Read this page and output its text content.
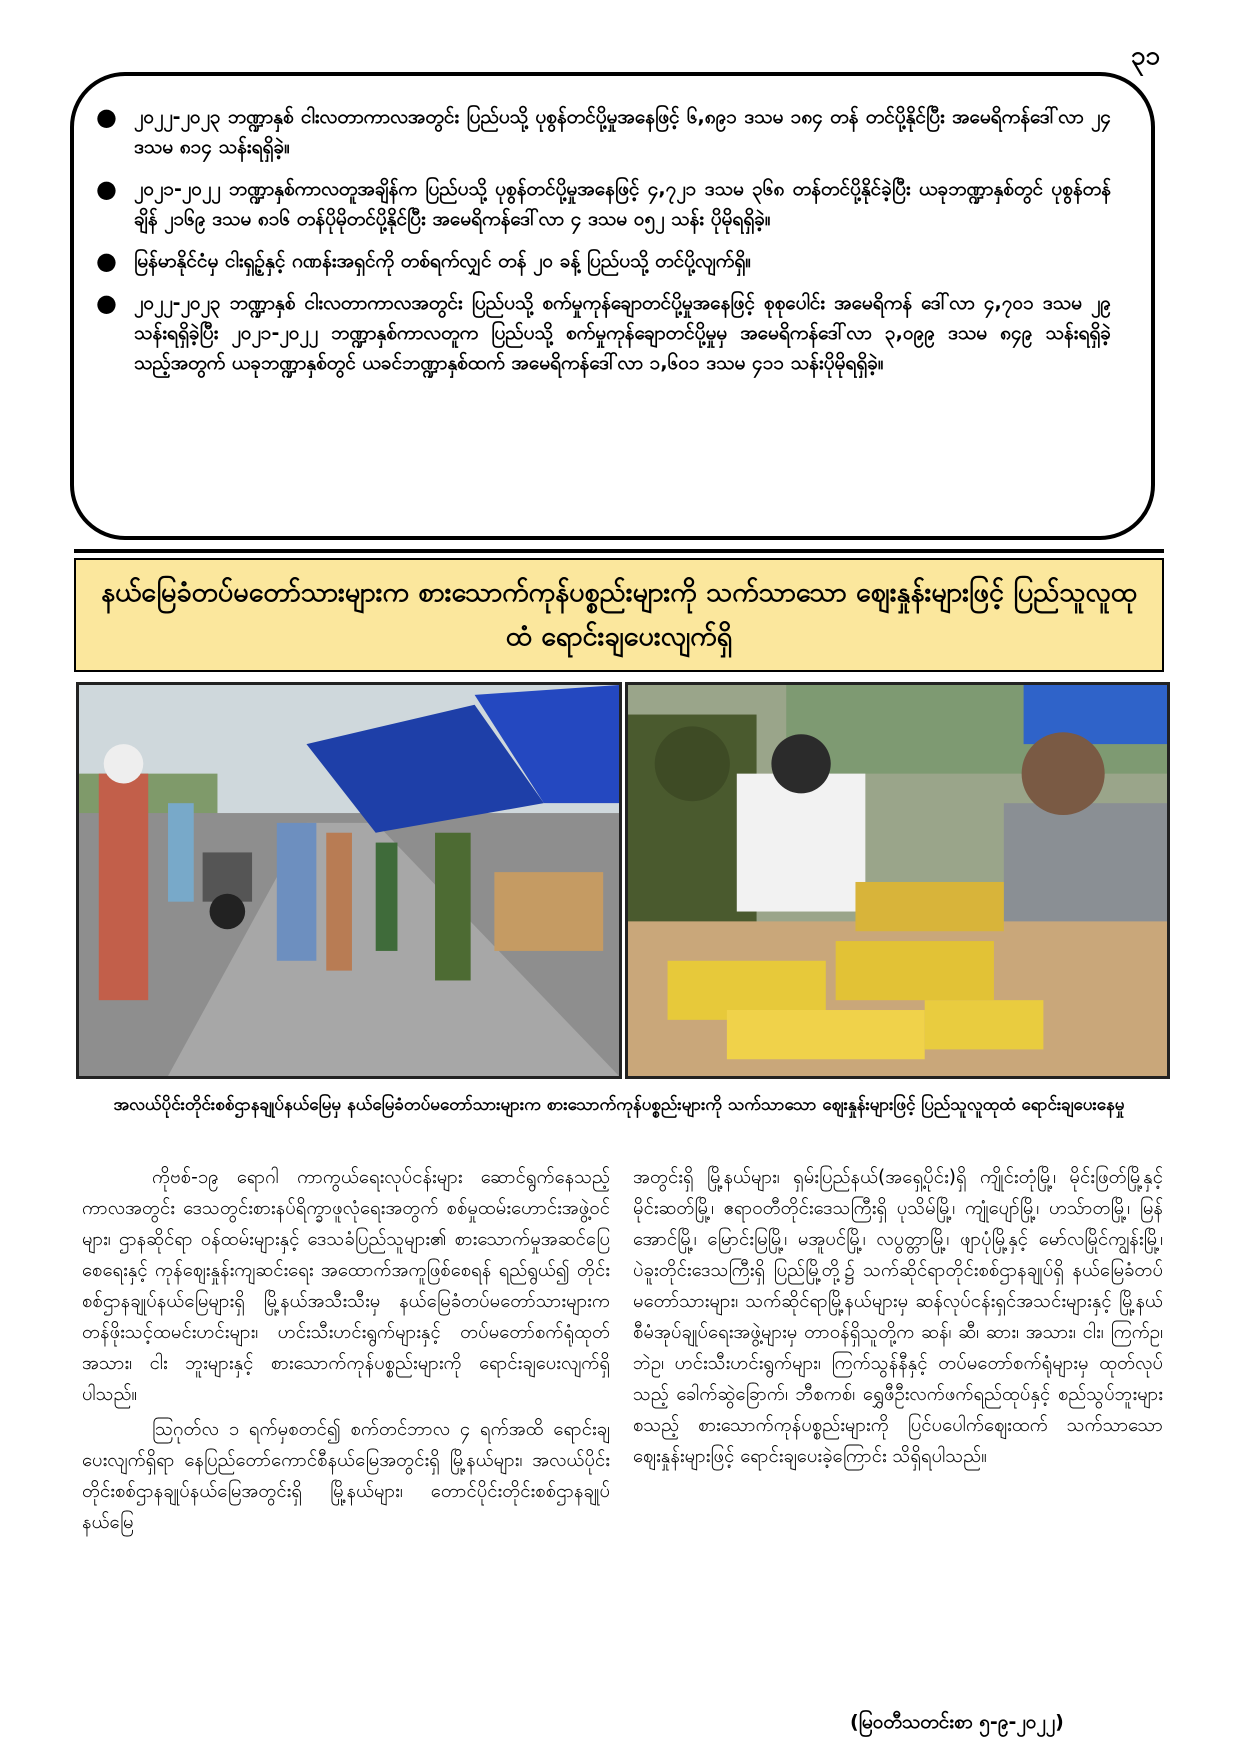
၃၁
● ၂၀၂၂-၂၀၂၃ ဘဏ္ဍာနှစ် ငါးလတာကာလအတွင်း ပြည်ပသို့ ပုစွန်တင်ပို့မှုအနေဖြင့် ၆,၈၉၁ ဒသမ ၁၈၄ တန် တင်ပို့နိုင်ပြီး အမေရိကန်ဒေါ်လာ ၂၄ ဒသမ ၈၁၄ သန်းရရှိခဲ့။
● ၂၀၂၁-၂၀၂၂ ဘဏ္ဍာနှစ်ကာလတူအချိန်က ပြည်ပသို့ ပုစွန်တင်ပို့မှုအနေဖြင့် ၄,၇၂၁ ဒသမ ၃၆၈ တန်တင်ပို့နိုင်ခဲ့ပြီး ယခုဘဏ္ဍာနှစ်တွင် ပုစွန်တန်ချိန် ၂၁၆၉ ဒသမ ၈၁၆ တန်ပိုမိုတင်ပို့နိုင်ပြီး အမေရိကန်ဒေါ်လာ ၄ ဒသမ ၀၅၂ သန်း ပိုမိုရရှိခဲ့။
● မြန်မာနိုင်ငံမှ ငါးရှဉ့်နှင့် ဂဏန်းအရှင်ကို တစ်ရက်လျှင် တန် ၂၀ ခန့် ပြည်ပသို့ တင်ပို့လျက်ရှိ။
● ၂၀၂၂-၂၀၂၃ ဘဏ္ဍာနှစ် ငါးလတာကာလအတွင်း ပြည်ပသို့ စက်မှုကုန်ချောတင်ပို့မှုအနေဖြင့် စုစုပေါင်း အမေရိကန် ဒေါ်လာ ၄,၇၀၁ ဒသမ ၂၉ သန်းရရှိခဲ့ပြီး ၂၀၂၁-၂၀၂၂ ဘဏ္ဍာနှစ်ကာလတူက ပြည်ပသို့ စက်မှုကုန်ချောတင်ပို့မှုမှ အမေရိကန်ဒေါ်လာ ၃,၀၉၉ ဒသမ ၈၄၉ သန်းရရှိခဲ့သည့်အတွက် ယခုဘဏ္ဍာနှစ်တွင် ယခင်ဘဏ္ဍာနှစ်ထက် အမေရိကန်ဒေါ်လာ ၁,၆၀၁ ဒသမ ၄၁၁ သန်းပိုမိုရရှိခဲ့။
နယ်မြေခံတပ်မတော်သားများက စားသောက်ကုန်ပစ္စည်းများကို သက်သာသော ဈေးနှုန်းများဖြင့် ပြည်သူလူထုထံ ရောင်းချပေးလျက်ရှိ
အလယ်ပိုင်းတိုင်းစစ်ဌာနချုပ်နယ်မြေမှ နယ်မြေခံတပ်မတော်သားများက စားသောက်ကုန်ပစ္စည်းများကို သက်သာသော ဈေးနှုန်းများဖြင့် ပြည်သူလူထုထံ ရောင်းချပေးနေမှု

ကိုဗစ်-၁၉ ရောဂါ ကာကွယ်ရေးလုပ်ငန်းများ ဆောင်ရွက်နေသည့်ကာလအတွင်း ဒေသတွင်းစားနပ်ရိက္ခာဖူလုံရေးအတွက် စစ်မှုထမ်းဟောင်းအဖွဲ့ဝင်များ၊ ဌာနဆိုင်ရာ ဝန်ထမ်းများနှင့် ဒေသခံပြည်သူများ၏ စားသောက်မှုအဆင်ပြေစေရေးနှင့် ကုန်ဈေးနှုန်းကျဆင်းရေး အထောက်အကူဖြစ်စေရန် ရည်ရွယ်၍ တိုင်းစစ်ဌာနချုပ်နယ်မြေများရှိ မြို့နယ်အသီးသီးမှ နယ်မြေခံတပ်မတော်သားများက တန်ဖိုးသင့်ထမင်းဟင်းများ၊ ဟင်းသီးဟင်းရွက်များနှင့် တပ်မတော်စက်ရုံထုတ် အသား၊ ငါး ဘူးများနှင့် စားသောက်ကုန်ပစ္စည်းများကို ရောင်းချပေးလျက်ရှိပါသည်။

ဩဂုတ်လ ၁ ရက်မှစတင်၍ စက်တင်ဘာလ ၄ ရက်အထိ ရောင်းချပေးလျက်ရှိရာ နေပြည်တော်ကောင်စီနယ်မြေအတွင်းရှိ မြို့နယ်များ၊ အလယ်ပိုင်းတိုင်းစစ်ဌာနချုပ်နယ်မြေအတွင်းရှိ မြို့နယ်များ၊ တောင်ပိုင်းတိုင်းစစ်ဌာနချုပ်နယ်မြေ

အတွင်းရှိ မြို့နယ်များ၊ ရှမ်းပြည်နယ်(အရှေ့ပိုင်း)ရှိ ကျိုင်းတုံမြို့၊ မိုင်းဖြတ်မြို့နှင့် မိုင်းဆတ်မြို့၊ ဧရာဝတီတိုင်းဒေသကြီးရှိ ပုသိမ်မြို့၊ ကျုံပျော်မြို့၊ ဟသ်ာတမြို့၊ မြန်အောင်မြို့၊ မြောင်းမြမြို့၊ မအူပင်မြို့၊ လပွတ္တာမြို့၊ ဖျာပုံမြို့နှင့် မော်လမြိုင်ကျွန်းမြို့၊ ပဲခူးတိုင်းဒေသကြီးရှိ ပြည်မြို့တို့၌ သက်ဆိုင်ရာတိုင်းစစ်ဌာနချုပ်ရှိ နယ်မြေခံတပ်မတော်သားများ၊ သက်ဆိုင်ရာမြို့နယ်များမှ ဆန်လုပ်ငန်းရှင်အသင်းများနှင့် မြို့နယ်စီမံအုပ်ချုပ်ရေးအဖွဲ့များမှ တာဝန်ရှိသူတို့က ဆန်၊ ဆီ၊ ဆား၊ အသား၊ ငါး၊ ကြက်ဥ၊ ဘဲဥ၊ ဟင်းသီးဟင်းရွက်များ၊ ကြက်သွန်နီနှင့် တပ်မတော်စက်ရုံများမှ ထုတ်လုပ်သည့် ခေါက်ဆွဲခြောက်၊ ဘီစကစ်၊ ရွှေဖီဦးလက်ဖက်ရည်ထုပ်နှင့် စည်သွပ်ဘူးများစသည့် စားသောက်ကုန်ပစ္စည်းများကို ပြင်ပပေါက်ဈေးထက် သက်သာသောဈေးနှုန်းများဖြင့် ရောင်းချပေးခဲ့ကြောင်း သိရှိရပါသည်။

(မြဝတီသတင်းစာ ၅-၉-၂၀၂၂)
